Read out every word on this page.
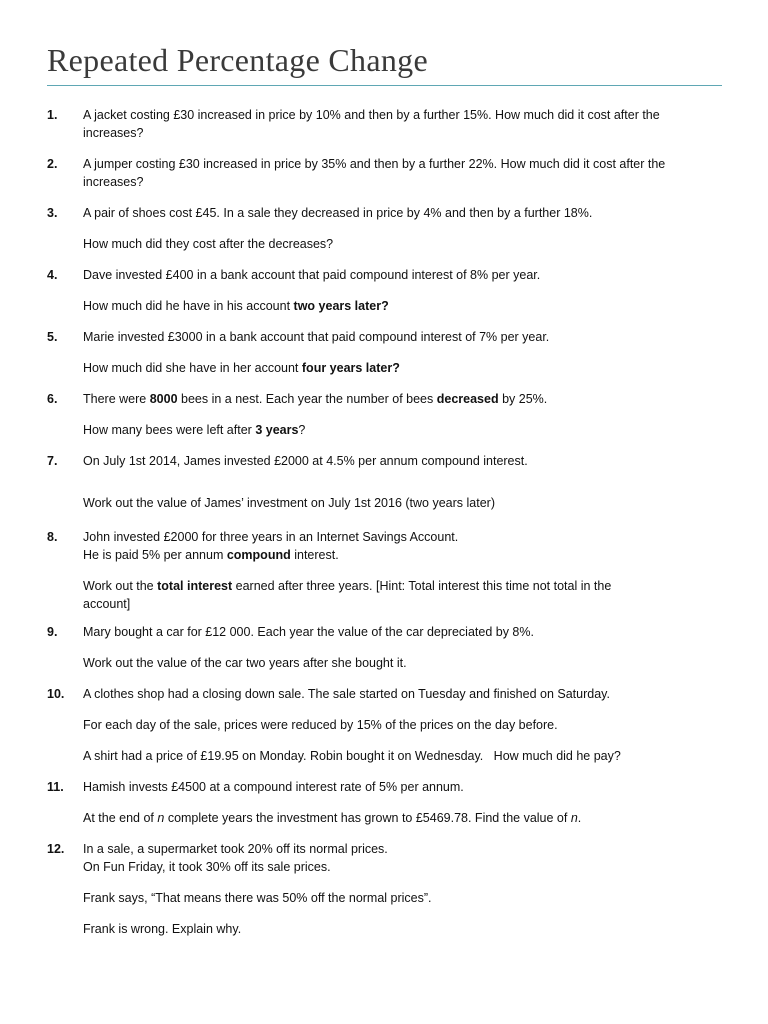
Repeated Percentage Change
1.	A jacket costing £30 increased in price by 10% and then by a further 15%. How much did it cost after the
increases?
2.	A jumper costing £30 increased in price by 35% and then by a further 22%. How much did it cost after the
increases?
3.	A pair of shoes cost £45. In a sale they decreased in price by 4% and then by a further 18%.
How much did they cost after the decreases?
4.	Dave invested £400 in a bank account that paid compound interest of 8% per year.
How much did he have in his account two years later?
5.	Marie invested £3000 in a bank account that paid compound interest of 7% per year.
How much did she have in her account four years later?
6.	There were 8000 bees in a nest. Each year the number of bees decreased by 25%.
How many bees were left after 3 years?
7.	On July 1st 2014, James invested £2000 at 4.5% per annum compound interest.
Work out the value of James’ investment on July 1st 2016 (two years later)
8.	John invested £2000 for three years in an Internet Savings Account.
He is paid 5% per annum compound interest.
Work out the total interest earned after three years. [Hint: Total interest this time not total in the
account]
9.	Mary bought a car for £12 000. Each year the value of the car depreciated by 8%.
Work out the value of the car two years after she bought it.
10.	A clothes shop had a closing down sale. The sale started on Tuesday and finished on Saturday.
For each day of the sale, prices were reduced by 15% of the prices on the day before.
A shirt had a price of £19.95 on Monday. Robin bought it on Wednesday.   How much did he pay?
11.	Hamish invests £4500 at a compound interest rate of 5% per annum.
At the end of n complete years the investment has grown to £5469.78. Find the value of n.
12.	In a sale, a supermarket took 20% off its normal prices.
On Fun Friday, it took 30% off its sale prices.
Frank says, “That means there was 50% off the normal prices”.
Frank is wrong. Explain why.
